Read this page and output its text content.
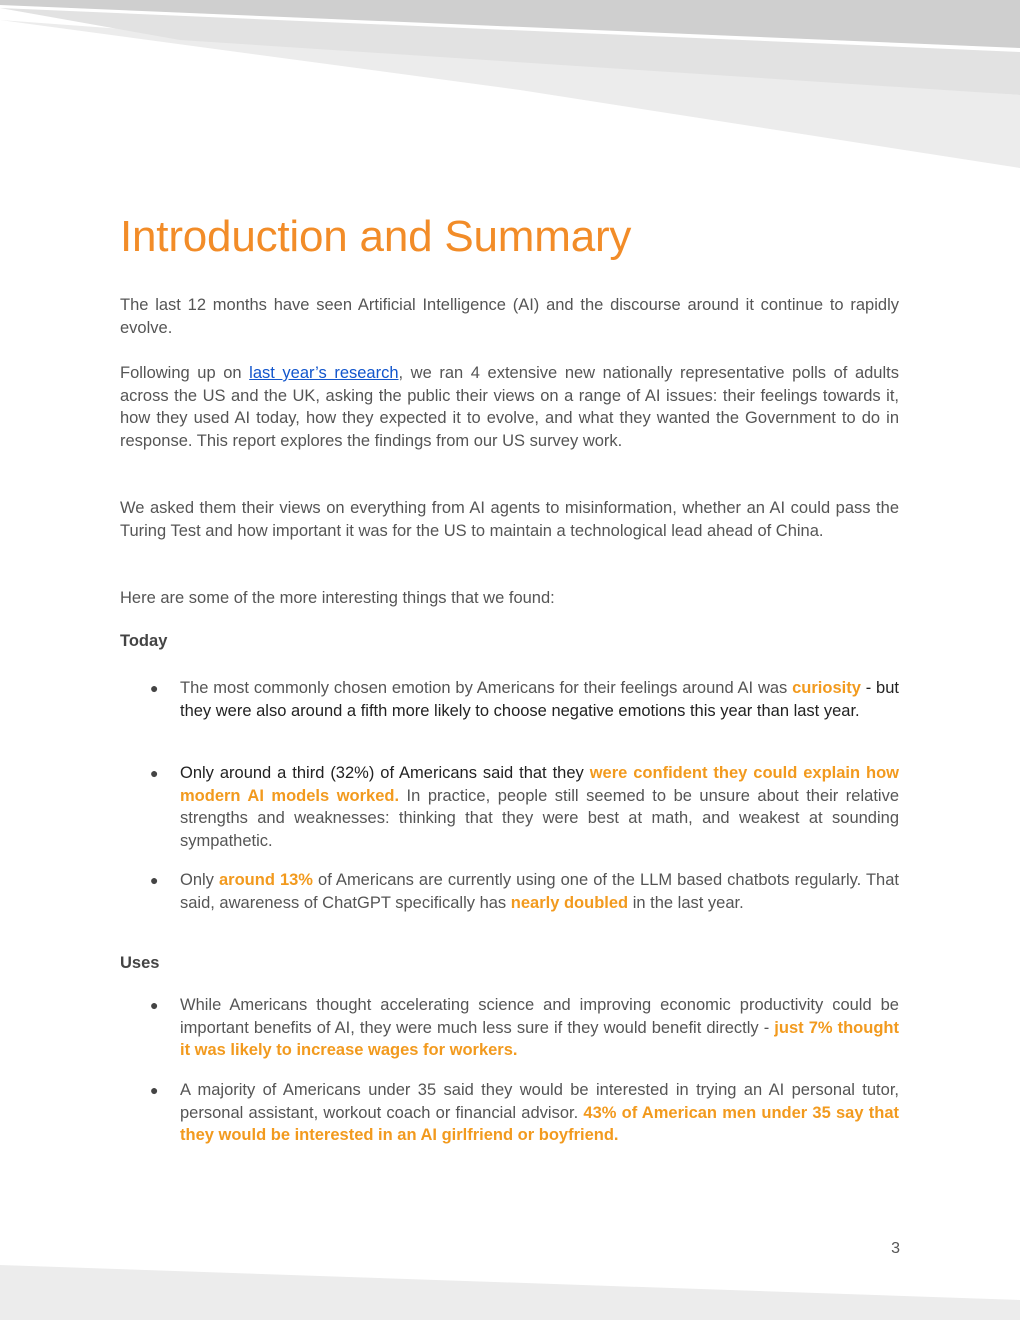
Introduction and Summary

The last 12 months have seen Artificial Intelligence (AI) and the discourse around it continue to rapidly evolve.

Following up on last year’s research, we ran 4 extensive new nationally representative polls of adults across the US and the UK, asking the public their views on a range of AI issues: their feelings towards it, how they used AI today, how they expected it to evolve, and what they wanted the Government to do in response. This report explores the findings from our US survey work.

We asked them their views on everything from AI agents to misinformation, whether an AI could pass the Turing Test and how important it was for the US to maintain a technological lead ahead of China.

Here are some of the more interesting things that we found:

Today
● The most commonly chosen emotion by Americans for their feelings around AI was curiosity - but they were also around a fifth more likely to choose negative emotions this year than last year.

● Only around a third (32%) of Americans said that they were confident they could explain how modern AI models worked. In practice, people still seemed to be unsure about their relative strengths and weaknesses: thinking that they were best at math, and weakest at sounding sympathetic.

● Only around 13% of Americans are currently using one of the LLM based chatbots regularly. That said, awareness of ChatGPT specifically has nearly doubled in the last year.

Uses
● While Americans thought accelerating science and improving economic productivity could be important benefits of AI, they were much less sure if they would benefit directly - just 7% thought it was likely to increase wages for workers.

● A majority of Americans under 35 said they would be interested in trying an AI personal tutor, personal assistant, workout coach or financial advisor. 43% of American men under 35 say that they would be interested in an AI girlfriend or boyfriend.

3
